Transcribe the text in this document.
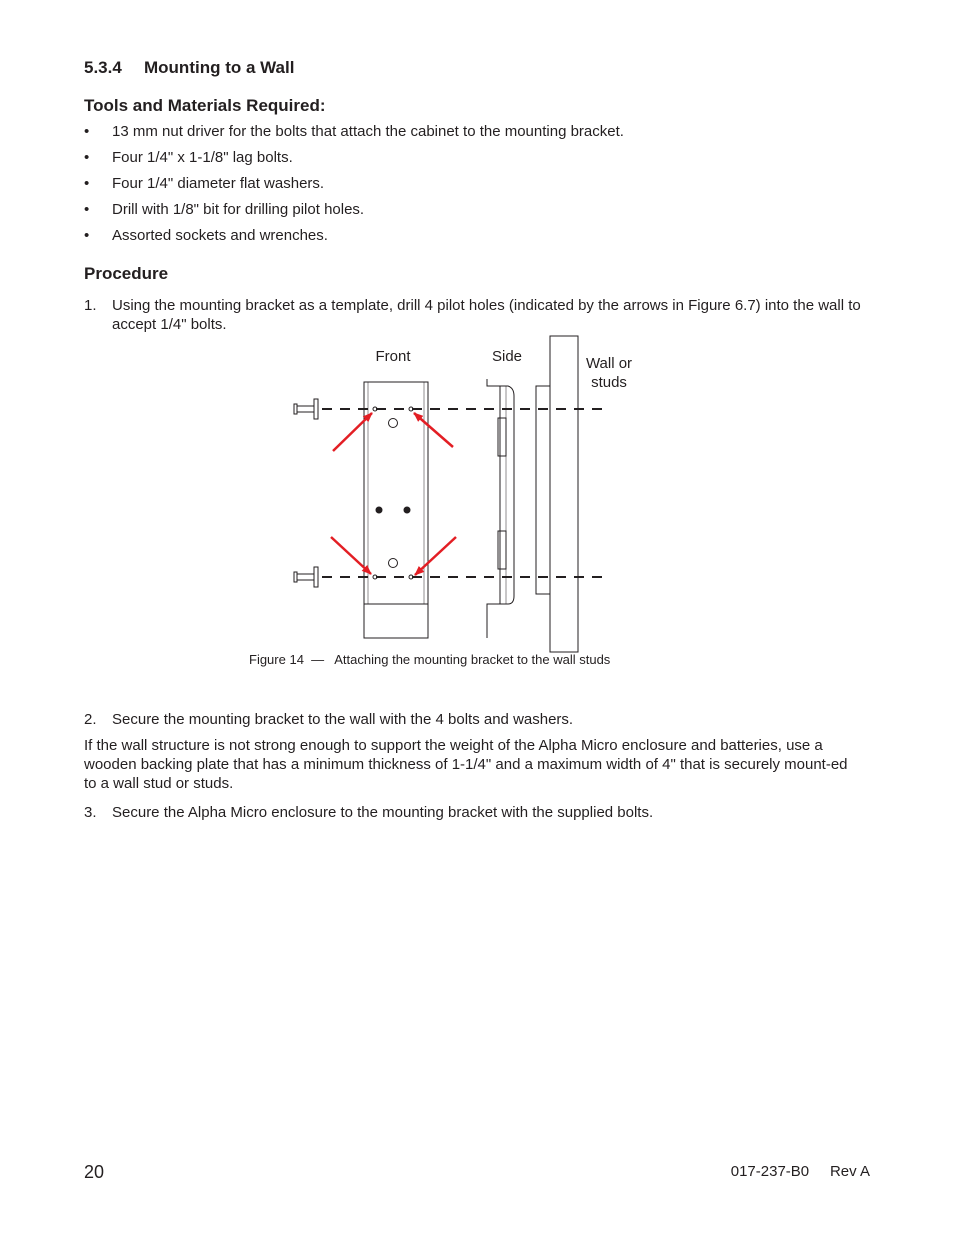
5.3.4 Mounting to a Wall
Tools and Materials Required:
• 13 mm nut driver for the bolts that attach the cabinet to the mounting bracket.
• Four 1/4" x 1-1/8" lag bolts.
• Four 1/4" diameter flat washers.
• Drill with 1/8" bit for drilling pilot holes.
• Assorted sockets and wrenches.
Procedure
1. Using the mounting bracket as a template, drill 4 pilot holes (indicated by the arrows in Figure 6.7) into the wall to accept 1/4" bolts.
Front	Side	Wall or
studs
Figure 14  —   Attaching the mounting bracket to the wall studs
2. Secure the mounting bracket to the wall with the 4 bolts and washers.
If the wall structure is not strong enough to support the weight of the Alpha Micro enclosure and batteries, use a wooden backing plate that has a minimum thickness of 1-1/4" and a maximum width of 4" that is securely mount-ed to a wall stud or studs.
3. Secure the Alpha Micro enclosure to the mounting bracket with the supplied bolts.
20	017-237-B0     Rev A
